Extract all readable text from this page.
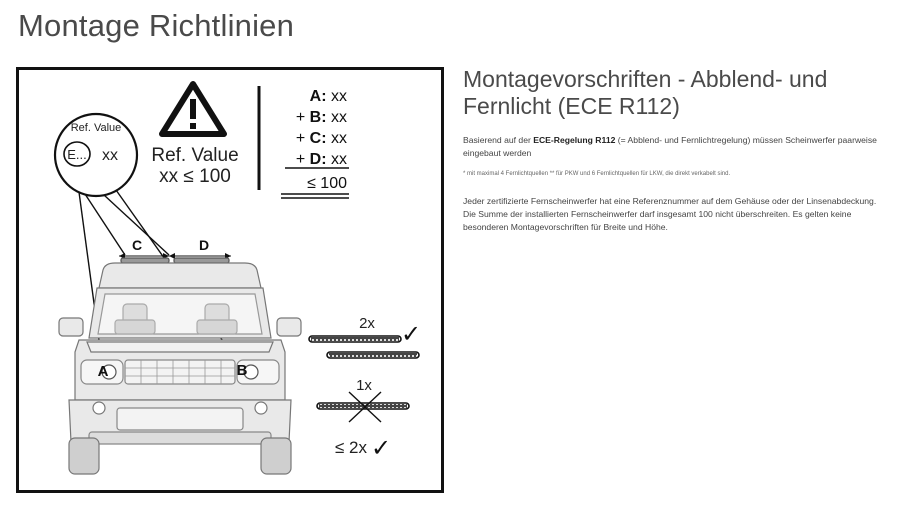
Montage Richtlinien
Ref. Value
E... xx Ref. Value
xx ≤ 100
A: xx
+ B: xx
+ C: xx
+ D: xx
≤ 100
C	D
A	B
2x ✓
1x
≤ 2x ✓
Montagevorschriften - Abblend- und Fernlicht (ECE R112)

Basierend auf der ECE-Regelung R112 (= Abblend- und Fernlichtregelung) müssen Scheinwerfer paarweise eingebaut werden

* mit maximal 4 Fernlichtquellen ** für PKW und 6 Fernlichtquellen für LKW, die direkt verkabelt sind.

Jeder zertifizierte Fernscheinwerfer hat eine Referenznummer auf dem Gehäuse oder der Linsenabdeckung. Die Summe der installierten Fernscheinwerfer darf insgesamt 100 nicht überschreiten. Es gelten keine besonderen Montagevorschriften für Breite und Höhe.
